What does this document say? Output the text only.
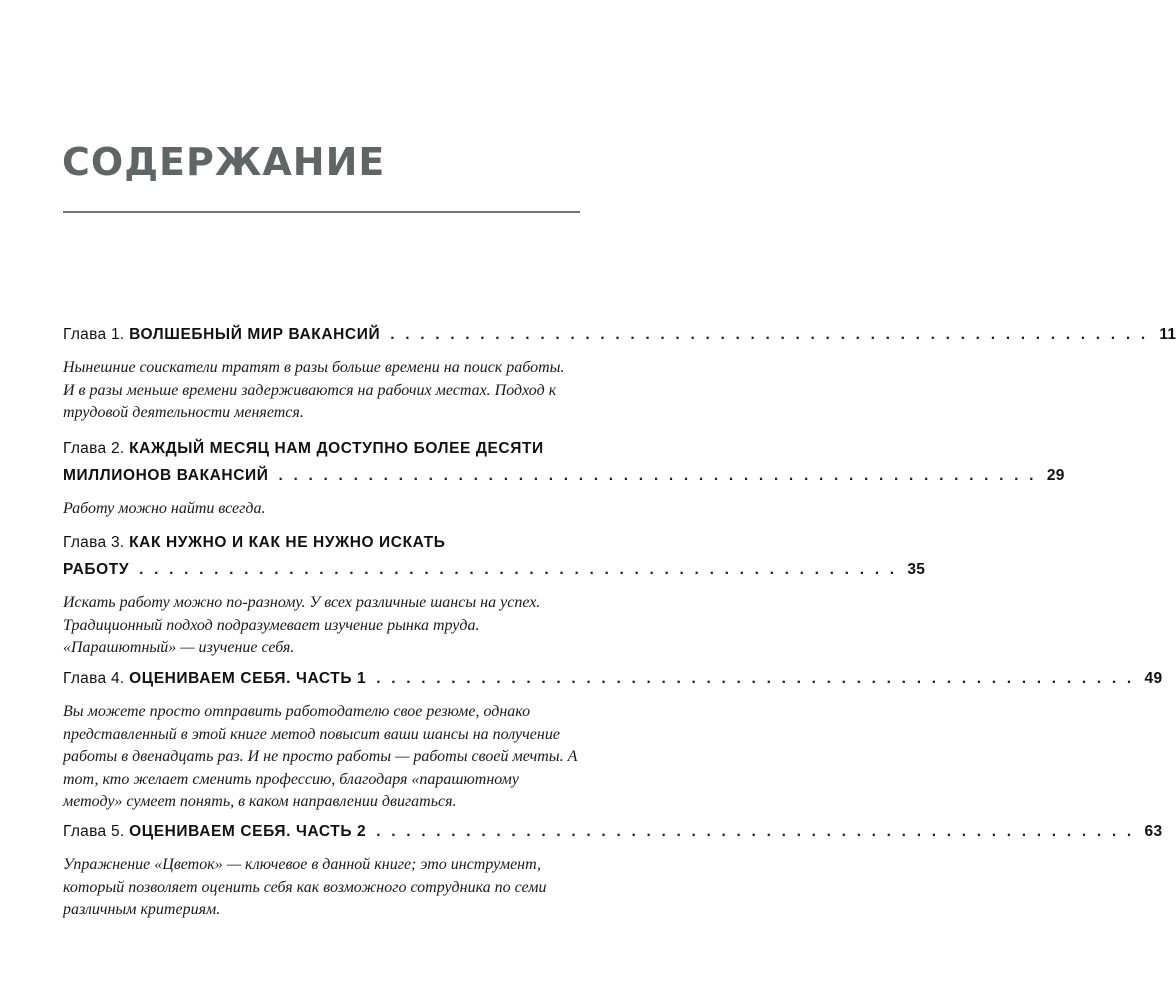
СОДЕРЖАНИЕ
Глава 1.
ВОЛШЕБНЫЙ МИР ВАКАНСИЙ . . . . . . . . . . . . . . . . . . . . . . . . . . . . . . . . . . . . . . . . . . . . . . . . . . . 11
Нынешние соискатели тратят в разы больше времени на поиск работы. И в разы меньше времени задерживаются на рабочих местах. Подход к трудовой деятельности меняется.
Глава 2.
КАЖДЫЙ МЕСЯЦ НАМ ДОСТУПНО БОЛЕЕ ДЕСЯТИ
МИЛЛИОНОВ ВАКАНСИЙ . . . . . . . . . . . . . . . . . . . . . . . . . . . . . . . . . . . . . . . . . . . . . . . . . . . 29
Работу можно найти всегда.
Глава 3.
КАК НУЖНО И КАК НЕ НУЖНО ИСКАТЬ
РАБОТУ . . . . . . . . . . . . . . . . . . . . . . . . . . . . . . . . . . . . . . . . . . . . . . . . . . . 35
Искать работу можно по-разному. У всех различные шансы на успех. Традиционный подход подразумевает изучение рынка труда. «Парашютный» — изучение себя.
Глава 4.
ОЦЕНИВАЕМ СЕБЯ. ЧАСТЬ 1 . . . . . . . . . . . . . . . . . . . . . . . . . . . . . . . . . . . . . . . . . . . . . . . . . . . 49
Вы можете просто отправить работодателю свое резюме, однако представленный в этой книге метод повысит ваши шансы на получение работы в двенадцать раз. И не просто работы — работы своей мечты. А тот, кто желает сменить профессию, благодаря «парашютному методу» сумеет понять, в каком направлении двигаться.
Глава 5.
ОЦЕНИВАЕМ СЕБЯ. ЧАСТЬ 2 . . . . . . . . . . . . . . . . . . . . . . . . . . . . . . . . . . . . . . . . . . . . . . . . . . . 63
Упражнение «Цветок» — ключевое в данной книге; это инструмент, который позволяет оценить себя как возможного сотрудника по семи различным критериям.
